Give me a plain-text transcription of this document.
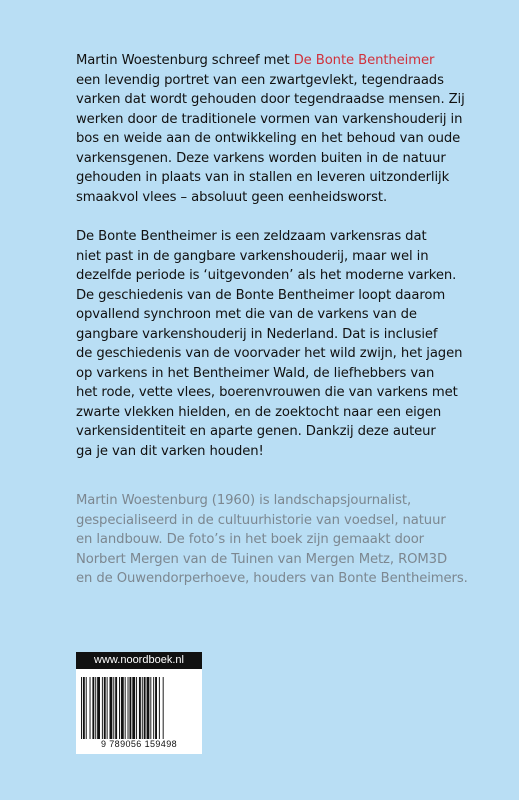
Martin Woestenburg schreef met De Bonte Bentheimer
een levendig portret van een zwartgevlekt, tegendraads
varken dat wordt gehouden door tegendraadse mensen. Zij
werken door de traditionele vormen van varkenshouderij in
bos en weide aan de ontwikkeling en het behoud van oude
varkensgenen. Deze varkens worden buiten in de natuur
gehouden in plaats van in stallen en leveren uitzonderlijk
smaakvol vlees – absoluut geen eenheidsworst.
De Bonte Bentheimer is een zeldzaam varkensras dat
niet past in de gangbare varkenshouderij, maar wel in
dezelfde periode is ‘uitgevonden’ als het moderne varken.
De geschiedenis van de Bonte Bentheimer loopt daarom
opvallend synchroon met die van de varkens van de
gangbare varkenshouderij in Nederland. Dat is inclusief
de geschiedenis van de voorvader het wild zwijn, het jagen
op varkens in het Bentheimer Wald, de liefhebbers van
het rode, vette vlees, boerenvrouwen die van varkens met
zwarte vlekken hielden, en de zoektocht naar een eigen
varkensidentiteit en aparte genen. Dankzij deze auteur
ga je van dit varken houden!
Martin Woestenburg (1960) is landschapsjournalist,
gespecialiseerd in de cultuurhistorie van voedsel, natuur
en landbouw. De foto’s in het boek zijn gemaakt door
Norbert Mergen van de Tuinen van Mergen Metz, ROM3D
en de Ouwendorperhoeve, houders van Bonte Bentheimers.
www.noordboek.nl
9 789056 159498
